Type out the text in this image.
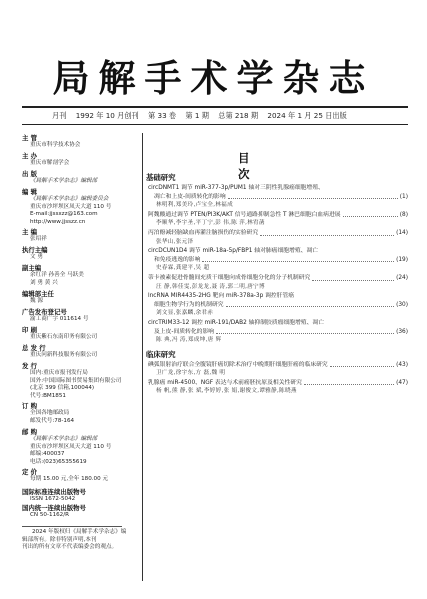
局解手术学杂志
月刊 1992 年 10 月创刊 第 33 卷 第 1 期 总第 218 期 2024 年 1 月 25 日出版
主 管
重庆市科学技术协会
主 办
重庆市解剖学会
出 版
《局解手术学杂志》编辑部
编 辑
《局解手术学杂志》编辑委员会
重庆市沙坪坝区凤天大道 110 号
E-mail:jjssxzz@163.com
http://www.jjsszz.cn
主 编
张绍祥
执行主编
文 勇
副主编
余红洋 孙善全 马跃美
刘 勇 黄 兴
编辑部主任
魏 源
广告发布登记号
渝工商广字 011614 号
印 刷
重庆紫石东南印务有限公司
总 发 行
重庆问新科技服务有限公司
发 行
国内:重庆市报刊发行局
国外:中国国际图书贸易集团有限公司
(北京 399 信箱,100044)
代号:BM1851
订 购
全国各地邮政局
邮发代号:78-164
邮 购
《局解手术学杂志》编辑部
重庆市沙坪坝区凤天大道 110 号
邮编:400037
电话:(023)65355619
定 价
每期 15.00 元,全年 180.00 元
国际标准连续出版物号
ISSN 1672-5042
国内统一连续出版物号
CN 50-1162/R
2024 年版权归《局解手术学杂志》编
辑部所有。除非特别声明,本刊
刊出的所有文章不代表编委会的观点。
目 次
基础研究
circDNMT1 调节 miR-377-3p/PUM1 轴对三阴性乳腺癌细胞增殖、
凋亡和上皮-间质转化的影响	(1)
林明利,郑美玲,卢宝全,林福成
阿魏酸通过调节 PTEN/PI3K/AKT 信号通路抑制急性 T 淋巴细胞白血病进展	(8)
李顺华,李宇圣,平丁宁,彭 伟,陈 萍,林宥菡
丙泊酚减轻脑缺血再灌注脑损伤的实验研究	(14)
张华山,张元泽
circDCUN1D4 调节 miR-18a-5p/FBP1 轴对肺癌细胞增殖、凋亡
和免疫逃逸的影响	(19)
史春霖,龚建平,吴 超
蒂卡被素促进骨髓间充质干细胞向成骨细胞分化的分子机制研究	(24)
汪 静,韩佳雯,彭龙龙,聂 涛,郭二明,唐宁博
lncRNA MIR4435-2HG 靶向 miR-378a-3p 调控肝管癌
细胞生物学行为的机制研究	(30)
刘文显,张嘉麟,余君赤
circTRIM33-12 调控 miR-191/DAB2 轴抑制胶质瘤细胞增殖、凋亡
及上皮-间质转化的影响	(36)
陈 典,冯 涛,郑成坤,唐 辉
临床研究
碘弧银射治疗联合全腹镜肝癌切除术治疗中晚期肝细胞肝癌的临床研究	(43)
卫广龙,徐宇东,方 磊,魏 明
乳腺癌 miR-4500、NGF 表达与术前癌胚抗原及相关性研究	(47)
杨 帆,熊 静,张 斌,李婷婷,张 娟,谢俊文,谭雅静,陈晓燕
